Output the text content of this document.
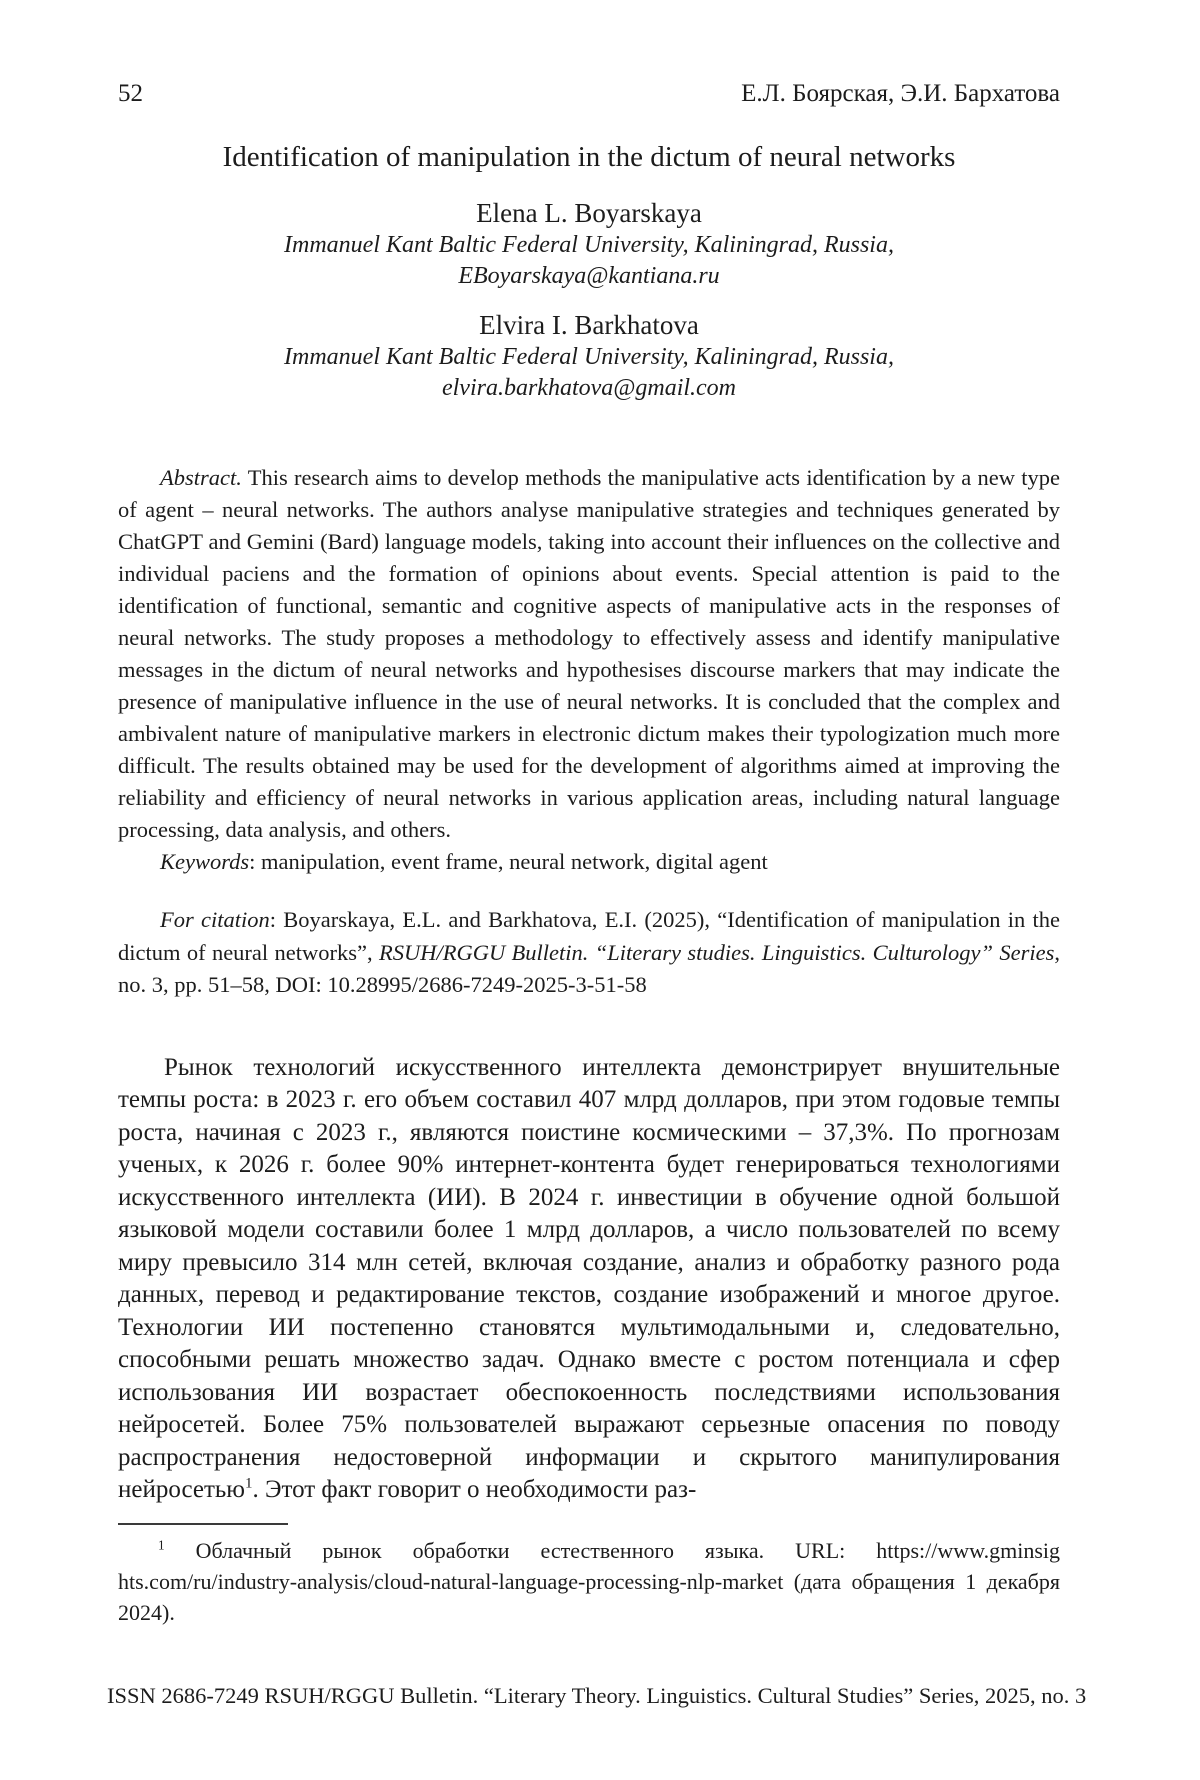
52	Е.Л. Боярская, Э.И. Бархатова
Identification of manipulation in the dictum of neural networks
Elena L. Boyarskaya
Immanuel Kant Baltic Federal University, Kaliningrad, Russia,
EBoyarskaya@kantiana.ru
Elvira I. Barkhatova
Immanuel Kant Baltic Federal University, Kaliningrad, Russia,
elvira.barkhatova@gmail.com

Abstract. This research aims to develop methods the manipulative acts identification by a new type of agent – neural networks. The authors analyse manipulative strategies and techniques generated by ChatGPT and Gemini (Bard) language models, taking into account their influences on the collective and individual paciens and the formation of opinions about events. Special attention is paid to the identification of functional, semantic and cognitive aspects of manipulative acts in the responses of neural networks. The study proposes a methodology to effectively assess and identify manipulative messages in the dictum of neural networks and hypothesises discourse markers that may indicate the presence of manipulative influence in the use of neural networks. It is concluded that the complex and ambivalent nature of manipulative markers in electronic dictum makes their typologization much more difficult. The results obtained may be used for the development of algorithms aimed at improving the reliability and efficiency of neural networks in various application areas, including natural language processing, data analysis, and others.

Keywords: manipulation, event frame, neural network, digital agent

For citation: Boyarskaya, E.L. and Barkhatova, E.I. (2025), “Identification of manipulation in the dictum of neural networks”, RSUH/RGGU Bulletin. “Literary studies. Linguistics. Culturology” Series, no. 3, pp. 51–58, DOI: 10.28995/2686-7249-2025-3-51-58

Рынок технологий искусственного интеллекта демонстрирует внушительные темпы роста: в 2023 г. его объем составил 407 млрд долларов, при этом годовые темпы роста, начиная с 2023 г., являются поистине космическими – 37,3%. По прогнозам ученых, к 2026 г. более 90% интернет-контента будет генерироваться технологиями искусственного интеллекта (ИИ). В 2024 г. инвестиции в обучение одной большой языковой модели составили более 1 млрд долларов, а число пользователей по всему миру превысило 314 млн сетей, включая создание, анализ и обработку разного рода данных, перевод и редактирование текстов, создание изображений и многое другое. Технологии ИИ постепенно становятся мультимодальными и, следовательно, способными решать множество задач. Однако вместе с ростом потенциала и сфер использования ИИ возрастает обеспокоенность последствиями использования нейросетей. Более 75% пользователей выражают серьезные опасения по поводу распространения недостоверной информации и скрытого манипулирования нейросетью$^1$. Этот факт говорит о необходимости раз-

$^1$ Облачный рынок обработки естественного языка. URL: https://www.gminsig hts.com/ru/industry-analysis/cloud-natural-language-processing-nlp-market (дата обращения 1 декабря 2024).

ISSN 2686-7249 RSUH/RGGU Bulletin. “Literary Theory. Linguistics. Cultural Studies” Series, 2025, no. 3
